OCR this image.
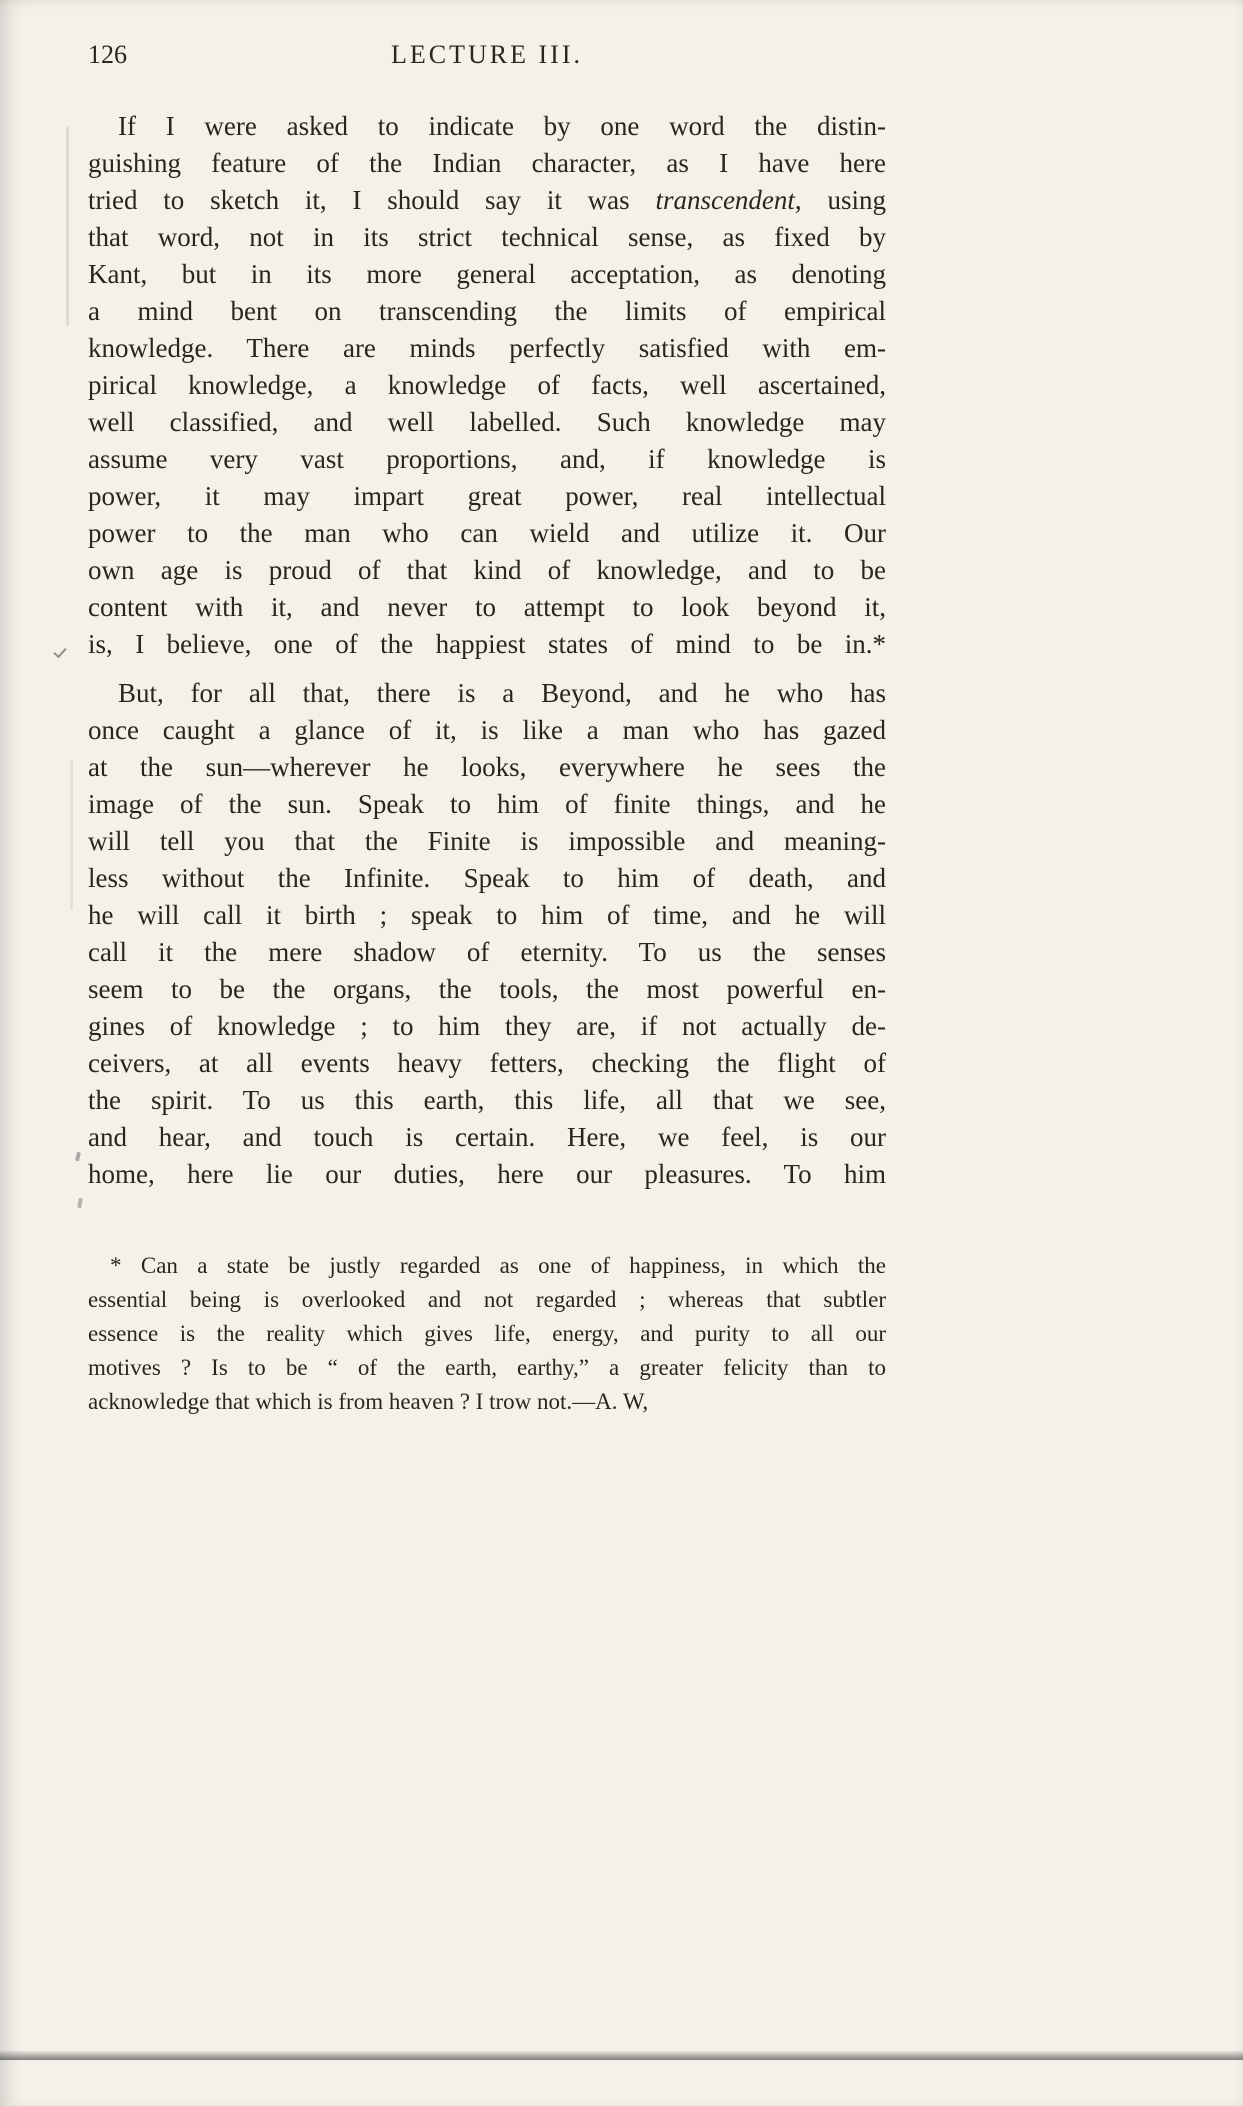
126	LECTURE III.
If I were asked to indicate by one word the distin-
guishing feature of the Indian character, as I have here
tried to sketch it, I should say it was transcendent, using
that word, not in its strict technical sense, as fixed by
Kant, but in its more general acceptation, as denoting
a mind bent on transcending the limits of empirical
knowledge. There are minds perfectly satisfied with em-
pirical knowledge, a knowledge of facts, well ascertained,
well classified, and well labelled. Such knowledge may
assume very vast proportions, and, if knowledge is
power, it may impart great power, real intellectual
power to the man who can wield and utilize it. Our
own age is proud of that kind of knowledge, and to be
content with it, and never to attempt to look beyond it,
is, I believe, one of the happiest states of mind to be in.*
But, for all that, there is a Beyond, and he who has
once caught a glance of it, is like a man who has gazed
at the sun—wherever he looks, everywhere he sees the
image of the sun. Speak to him of finite things, and he
will tell you that the Finite is impossible and meaning-
less without the Infinite. Speak to him of death, and
he will call it birth ; speak to him of time, and he will
call it the mere shadow of eternity. To us the senses
seem to be the organs, the tools, the most powerful en-
gines of knowledge ; to him they are, if not actually de-
ceivers, at all events heavy fetters, checking the flight of
the spirit. To us this earth, this life, all that we see,
and hear, and touch is certain. Here, we feel, is our
home, here lie our duties, here our pleasures. To him
* Can a state be justly regarded as one of happiness, in which the
essential being is overlooked and not regarded ; whereas that subtler
essence is the reality which gives life, energy, and purity to all our
motives ? Is to be “ of the earth, earthy,” a greater felicity than to
acknowledge that which is from heaven ? I trow not.—A. W,
